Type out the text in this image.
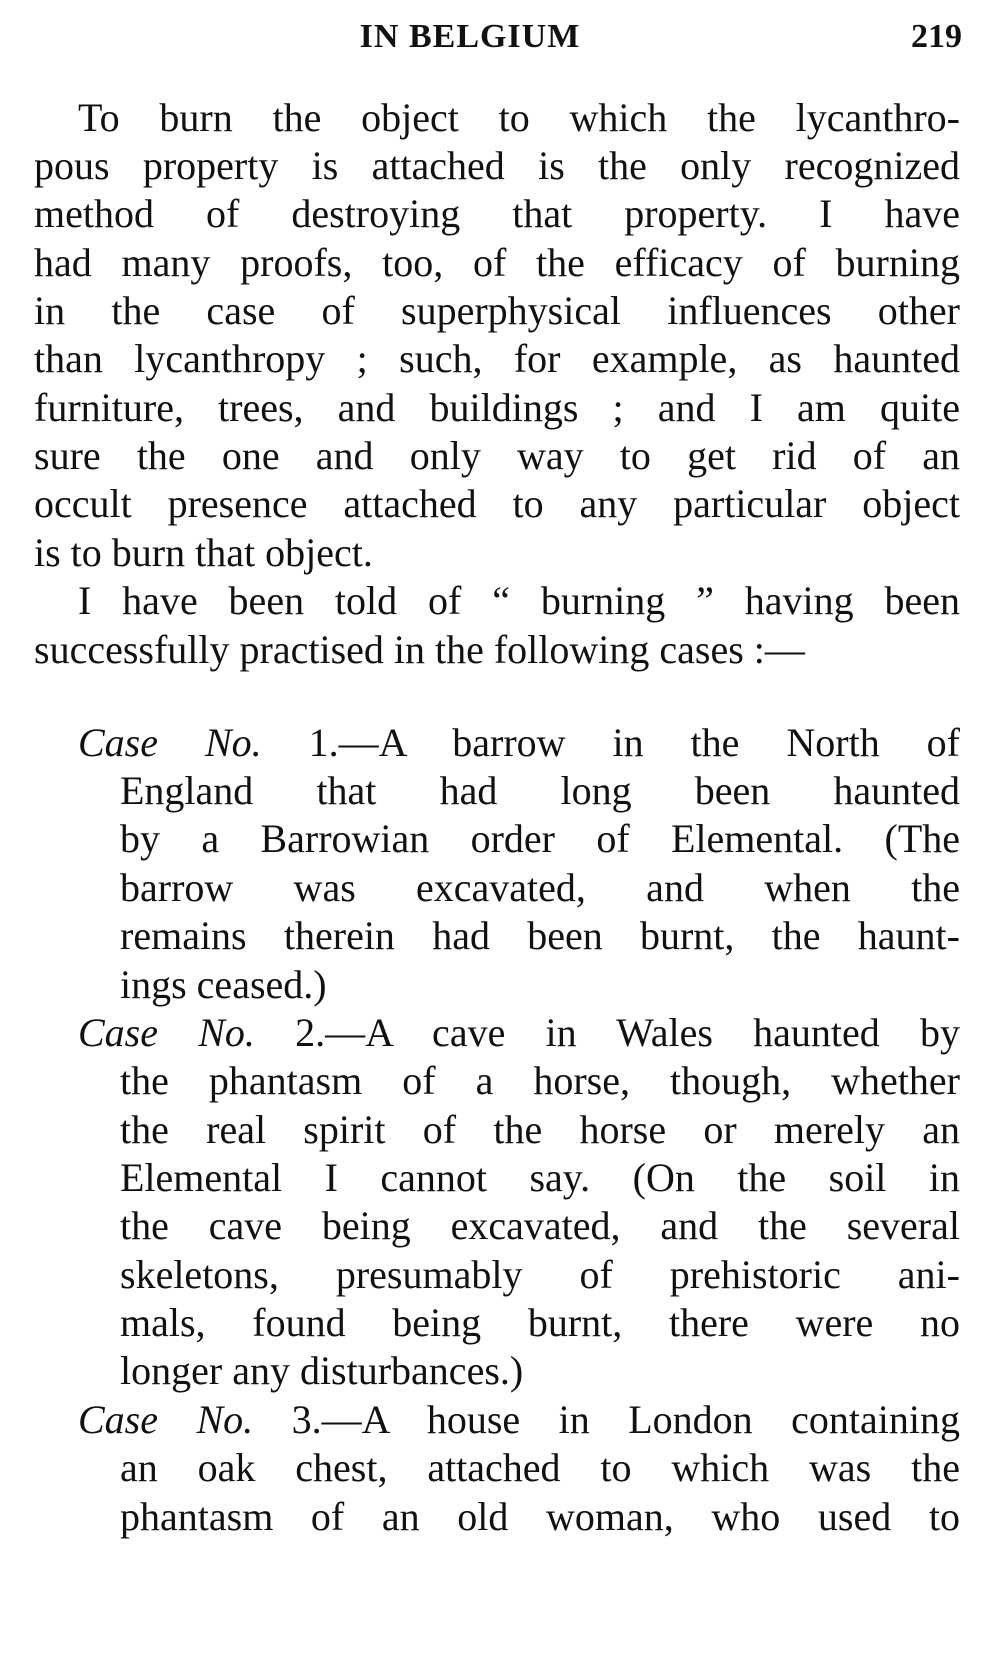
IN BELGIUM	219
To burn the object to which the lycanthro-
pous property is attached is the only recognized
method of destroying that property. I have
had many proofs, too, of the efficacy of burning
in the case of superphysical influences other
than lycanthropy ; such, for example, as haunted
furniture, trees, and buildings ; and I am quite
sure the one and only way to get rid of an
occult presence attached to any particular object
is to burn that object.
I have been told of “ burning ” having been
successfully practised in the following cases :—
Case No. 1.—A barrow in the North of
England that had long been haunted
by a Barrowian order of Elemental. (The
barrow was excavated, and when the
remains therein had been burnt, the haunt-
ings ceased.)
Case No. 2.—A cave in Wales haunted by
the phantasm of a horse, though, whether
the real spirit of the horse or merely an
Elemental I cannot say. (On the soil in
the cave being excavated, and the several
skeletons, presumably of prehistoric ani-
mals, found being burnt, there were no
longer any disturbances.)
Case No. 3.—A house in London containing
an oak chest, attached to which was the
phantasm of an old woman, who used to
